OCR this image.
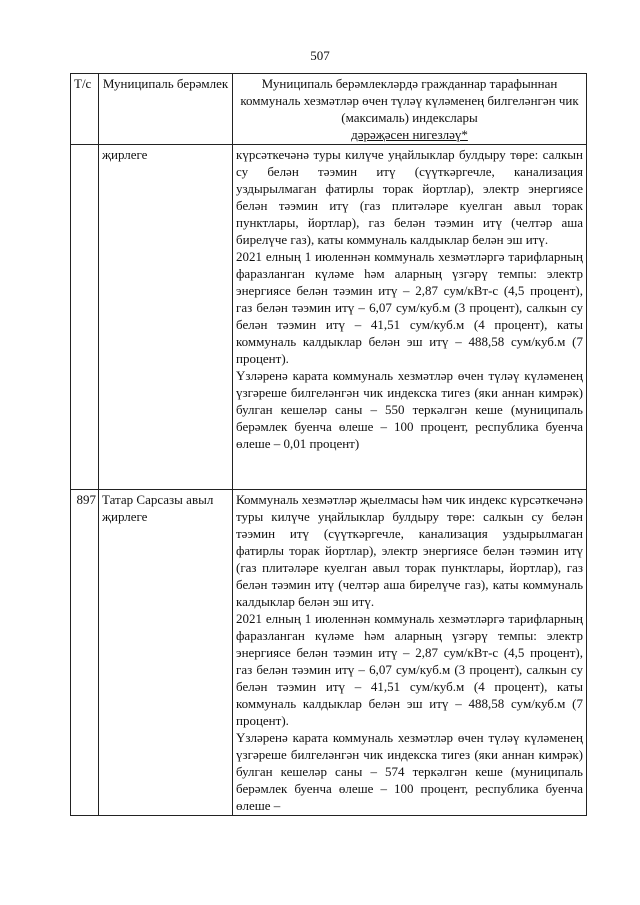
507
Т/с	Муниципаль берәмлек	Муниципаль берәмлекләрдә гражданнар тарафыннан коммуналь хезмәтләр өчен түләү күләменең билгеләнгән чик (максималь) индекслары
дәрәҗәсен нигезләү*
	җирлеге	күрсәткечәнә туры килүче уңайлыклар булдыру төре: салкын су белән тәэмин итү (сүүткәргечле, канализация уздырылмаган фатирлы торак йортлар), электр энергиясе белән тәэмин итү (газ плитәләре куелган авыл торак пунктлары, йортлар), газ белән тәэмин итү (челтәр аша бирелүче газ), каты коммуналь калдыклар белән эш итү.

2021 елның 1 июленнән коммуналь хезмәтләргә тарифларның фаразланган күләме һәм аларның үзгәрү темпы: электр энергиясе белән тәэмин итү – 2,87 сум/кВт-с (4,5 процент), газ белән тәэмин итү – 6,07 сум/куб.м (3 процент), салкын су белән тәэмин итү – 41,51 сум/куб.м (4 процент), каты коммуналь калдыклар белән эш итү – 488,58 сум/куб.м (7 процент).

Үзләренә карата коммуналь хезмәтләр өчен түләү күләменең үзгәреше билгеләнгән чик индекска тигез (яки аннан кимрәк) булган кешеләр саны – 550 теркәлгән кеше (муниципаль берәмлек буенча өлеше – 100 процент, республика буенча өлеше – 0,01 процент)

897	Татар Сарсазы авыл җирлеге	Коммуналь хезмәтләр җыелмасы һәм чик индекс күрсәткечәнә туры килүче уңайлыклар булдыру төре: салкын су белән тәэмин итү (сүүткәргечле, канализация уздырылмаган фатирлы торак йортлар), электр энергиясе белән тәэмин итү (газ плитәләре куелган авыл торак пунктлары, йортлар), газ белән тәэмин итү (челтәр аша бирелүче газ), каты коммуналь калдыклар белән эш итү.

2021 елның 1 июленнән коммуналь хезмәтләргә тарифларның фаразланган күләме һәм аларның үзгәрү темпы: электр энергиясе белән тәэмин итү – 2,87 сум/кВт-с (4,5 процент), газ белән тәэмин итү – 6,07 сум/куб.м (3 процент), салкын су белән тәэмин итү – 41,51 сум/куб.м (4 процент), каты коммуналь калдыклар белән эш итү – 488,58 сум/куб.м (7 процент).

Үзләренә карата коммуналь хезмәтләр өчен түләү күләменең үзгәреше билгеләнгән чик индекска тигез (яки аннан кимрәк) булган кешеләр саны – 574 теркәлгән кеше (муниципаль берәмлек буенча өлеше – 100 процент, республика буенча өлеше –
